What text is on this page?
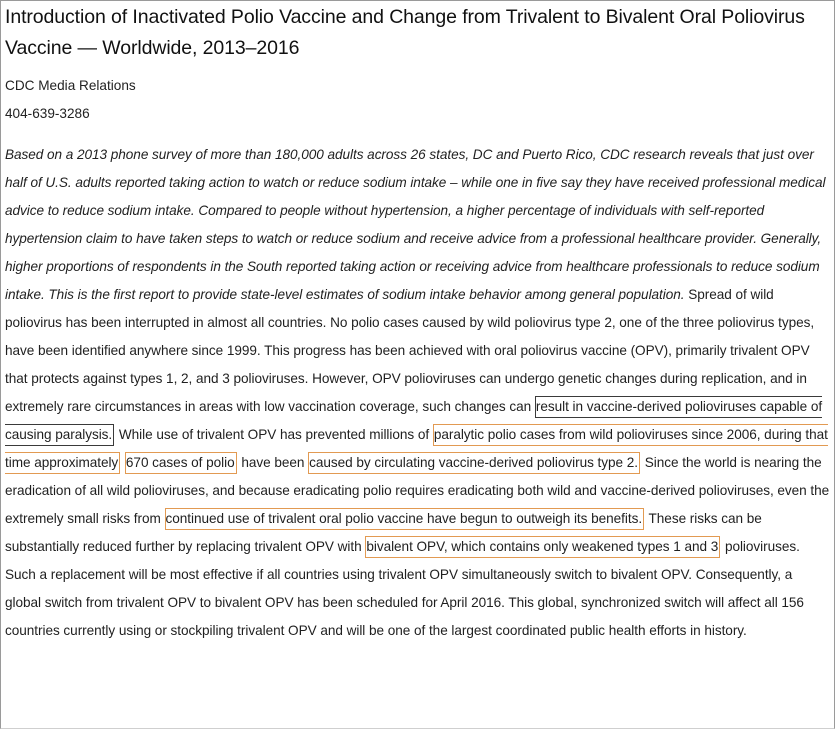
Introduction of Inactivated Polio Vaccine and Change from Trivalent to Bivalent Oral Poliovirus Vaccine — Worldwide, 2013–2016
CDC Media Relations
404-639-3286

Based on a 2013 phone survey of more than 180,000 adults across 26 states, DC and Puerto Rico, CDC research reveals that just over half of U.S. adults reported taking action to watch or reduce sodium intake – while one in five say they have received professional medical advice to reduce sodium intake. Compared to people without hypertension, a higher percentage of individuals with self-reported hypertension claim to have taken steps to watch or reduce sodium and receive advice from a professional healthcare provider. Generally, higher proportions of respondents in the South reported taking action or receiving advice from healthcare professionals to reduce sodium intake. This is the first report to provide state-level estimates of sodium intake behavior among general population. Spread of wild poliovirus has been interrupted in almost all countries. No polio cases caused by wild poliovirus type 2, one of the three poliovirus types, have been identified anywhere since 1999. This progress has been achieved with oral poliovirus vaccine (OPV), primarily trivalent OPV that protects against types 1, 2, and 3 polioviruses. However, OPV polioviruses can undergo genetic changes during replication, and in extremely rare circumstances in areas with low vaccination coverage, such changes can result in vaccine-derived polioviruses capable of causing paralysis. While use of trivalent OPV has prevented millions of paralytic polio cases from wild polioviruses since 2006, during that time approximately 670 cases of polio have been caused by circulating vaccine-derived poliovirus type 2. Since the world is nearing the eradication of all wild polioviruses, and because eradicating polio requires eradicating both wild and vaccine-derived polioviruses, even the extremely small risks from continued use of trivalent oral polio vaccine have begun to outweigh its benefits. These risks can be substantially reduced further by replacing trivalent OPV with bivalent OPV, which contains only weakened types 1 and 3 polioviruses. Such a replacement will be most effective if all countries using trivalent OPV simultaneously switch to bivalent OPV. Consequently, a global switch from trivalent OPV to bivalent OPV has been scheduled for April 2016. This global, synchronized switch will affect all 156 countries currently using or stockpiling trivalent OPV and will be one of the largest coordinated public health efforts in history.
